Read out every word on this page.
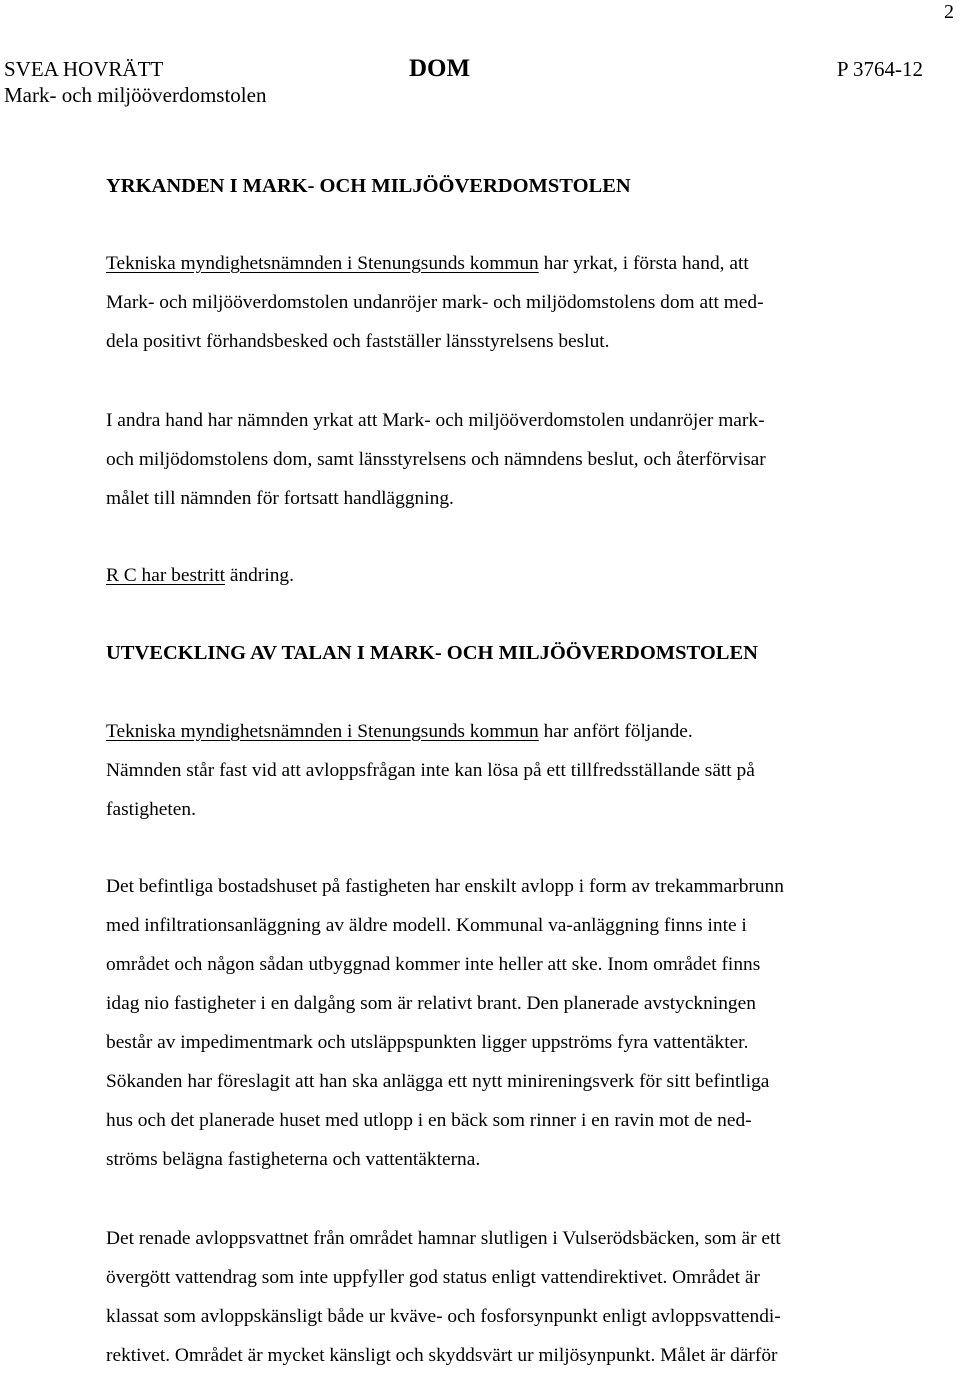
2
SVEA HOVRÄTT
Mark- och miljööverdomstolen
DOM	P 3764-12
YRKANDEN I MARK- OCH MILJÖÖVERDOMSTOLEN
Tekniska myndighetsnämnden i Stenungsunds kommun har yrkat, i första hand, att
Mark- och miljööverdomstolen undanröjer mark- och miljödomstolens dom att med-
dela positivt förhandsbesked och fastställer länsstyrelsens beslut.
I andra hand har nämnden yrkat att Mark- och miljööverdomstolen undanröjer mark-
och miljödomstolens dom, samt länsstyrelsens och nämndens beslut, och återförvisar
målet till nämnden för fortsatt handläggning.
R C har bestritt ändring.
UTVECKLING AV TALAN I MARK- OCH MILJÖÖVERDOMSTOLEN
Tekniska myndighetsnämnden i Stenungsunds kommun har anfört följande.
Nämnden står fast vid att avloppsfrågan inte kan lösa på ett tillfredsställande sätt på
fastigheten.
Det befintliga bostadshuset på fastigheten har enskilt avlopp i form av trekammarbrunn
med infiltrationsanläggning av äldre modell. Kommunal va-anläggning finns inte i
området och någon sådan utbyggnad kommer inte heller att ske. Inom området finns
idag nio fastigheter i en dalgång som är relativt brant. Den planerade avstyckningen
består av impedimentmark och utsläppspunkten ligger uppströms fyra vattentäkter.
Sökanden har föreslagit att han ska anlägga ett nytt minireningsverk för sitt befintliga
hus och det planerade huset med utlopp i en bäck som rinner i en ravin mot de ned-
ströms belägna fastigheterna och vattentäkterna.
Det renade avloppsvattnet från området hamnar slutligen i Vulserödsbäcken, som är ett
övergött vattendrag som inte uppfyller god status enligt vattendirektivet. Området är
klassat som avloppskänsligt både ur kväve- och fosforsynpunkt enligt avloppsvattendi-
rektivet. Området är mycket känsligt och skyddsvärt ur miljösynpunkt. Målet är därför
